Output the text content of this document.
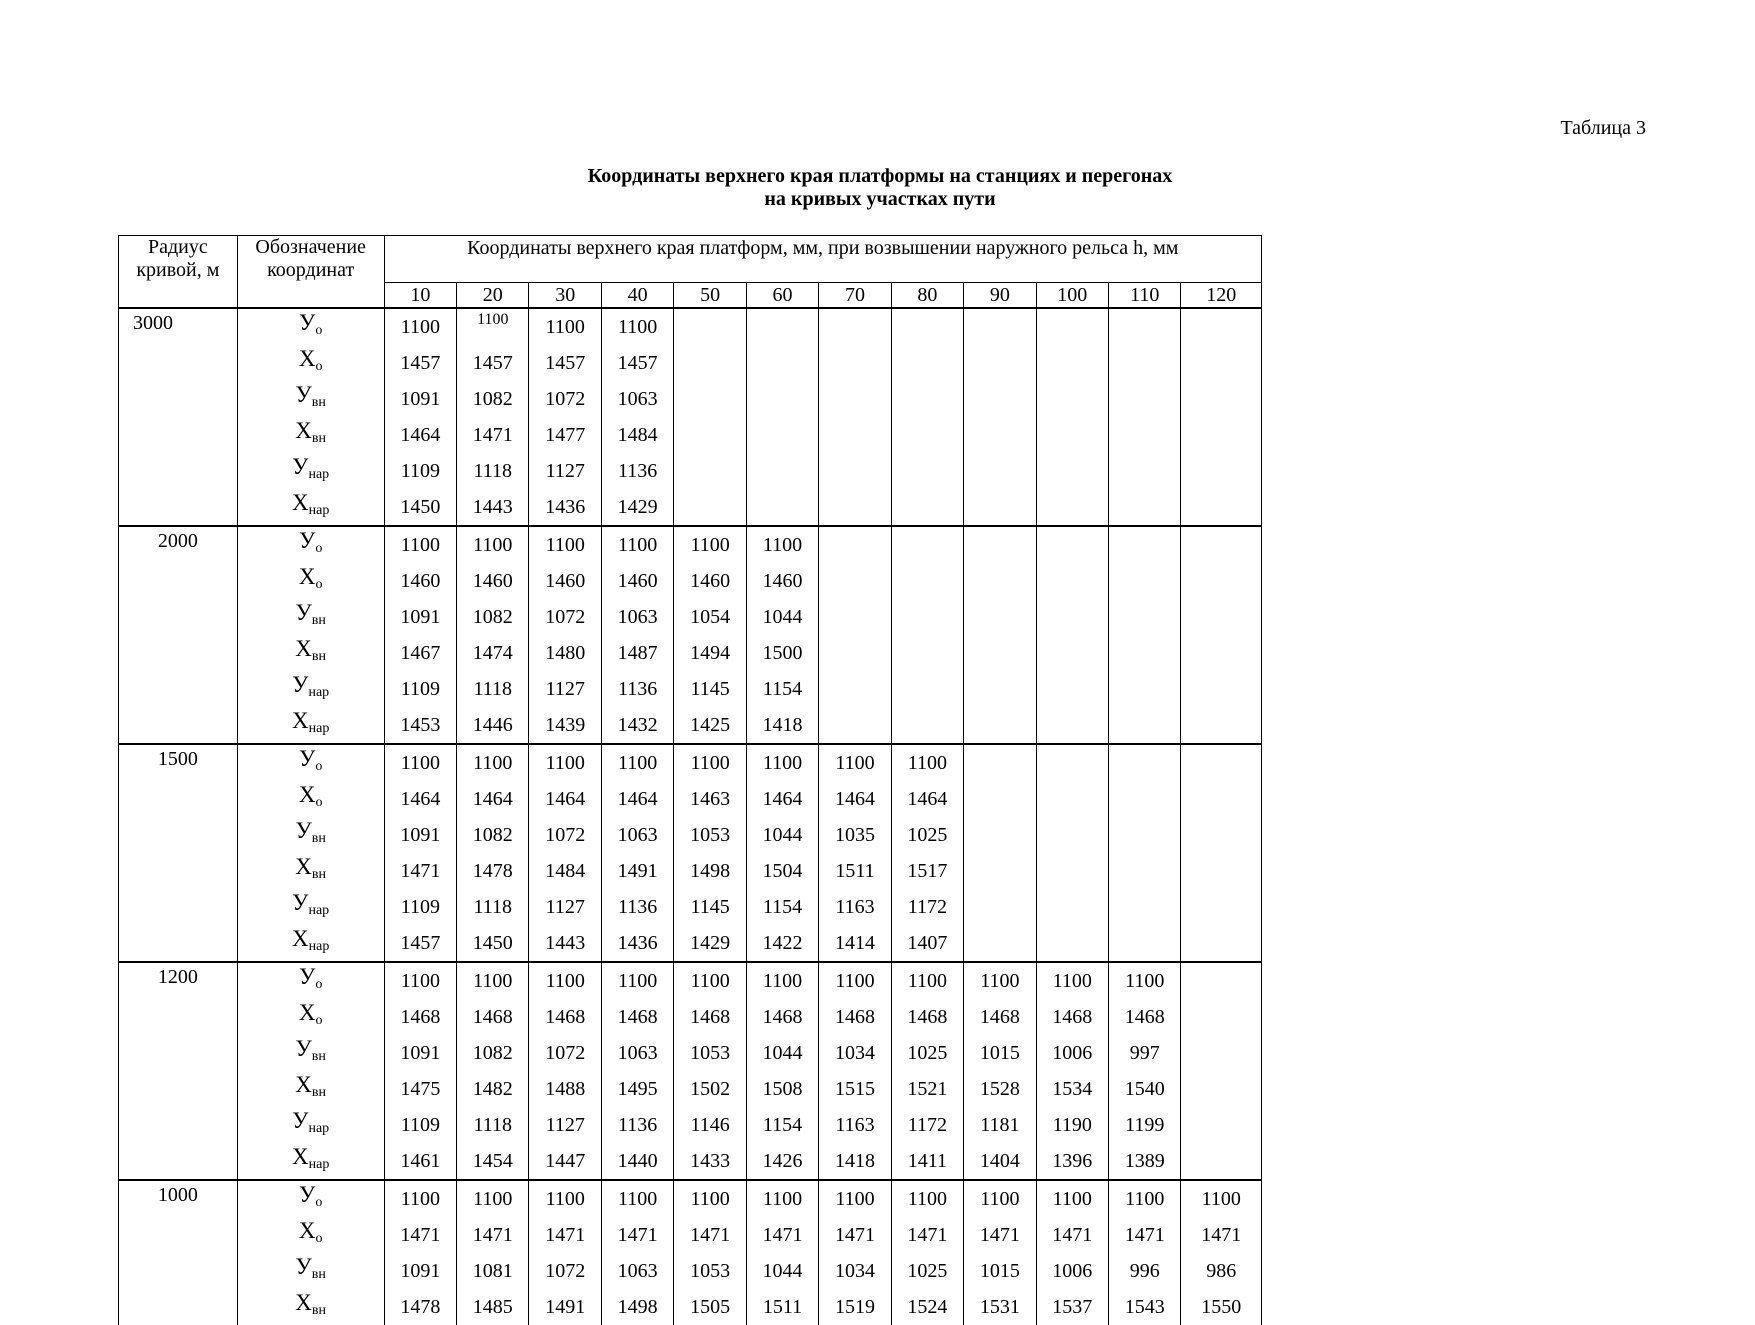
Таблица 3
Координаты верхнего края платформы на станциях и перегонах
на кривых участках пути
Радиус кривой, м	Обозначение координат	Координаты верхнего края платформ, мм, при возвышении наружного рельса h, мм											
		10	20	30	40	50	60	70	80	90	100	110	120
3000	$У_о$	1100	1100	1100	1100								
	$Х_о$	1457	1457	1457	1457								
	$У_{вн}$	1091	1082	1072	1063								
	$Х_{вн}$	1464	1471	1477	1484								
	$У_{нар}$	1109	1118	1127	1136								
	$Х_{нар}$	1450	1443	1436	1429								
2000	$У_о$	1100	1100	1100	1100	1100	1100						
	$Х_о$	1460	1460	1460	1460	1460	1460						
	$У_{вн}$	1091	1082	1072	1063	1054	1044						
	$Х_{вн}$	1467	1474	1480	1487	1494	1500						
	$У_{нар}$	1109	1118	1127	1136	1145	1154						
	$Х_{нар}$	1453	1446	1439	1432	1425	1418						
1500	$У_о$	1100	1100	1100	1100	1100	1100	1100	1100				
	$Х_о$	1464	1464	1464	1464	1463	1464	1464	1464				
	$У_{вн}$	1091	1082	1072	1063	1053	1044	1035	1025				
	$Х_{вн}$	1471	1478	1484	1491	1498	1504	1511	1517				
	$У_{нар}$	1109	1118	1127	1136	1145	1154	1163	1172				
	$Х_{нар}$	1457	1450	1443	1436	1429	1422	1414	1407				
1200	$У_о$	1100	1100	1100	1100	1100	1100	1100	1100	1100	1100	1100	
	$Х_о$	1468	1468	1468	1468	1468	1468	1468	1468	1468	1468	1468	
	$У_{вн}$	1091	1082	1072	1063	1053	1044	1034	1025	1015	1006	997	
	$Х_{вн}$	1475	1482	1488	1495	1502	1508	1515	1521	1528	1534	1540	
	$У_{нар}$	1109	1118	1127	1136	1146	1154	1163	1172	1181	1190	1199	
	$Х_{нар}$	1461	1454	1447	1440	1433	1426	1418	1411	1404	1396	1389	
1000	$У_о$	1100	1100	1100	1100	1100	1100	1100	1100	1100	1100	1100	1100
	$Х_о$	1471	1471	1471	1471	1471	1471	1471	1471	1471	1471	1471	1471
	$У_{вн}$	1091	1081	1072	1063	1053	1044	1034	1025	1015	1006	996	986
	$Х_{вн}$	1478	1485	1491	1498	1505	1511	1519	1524	1531	1537	1543	1550
